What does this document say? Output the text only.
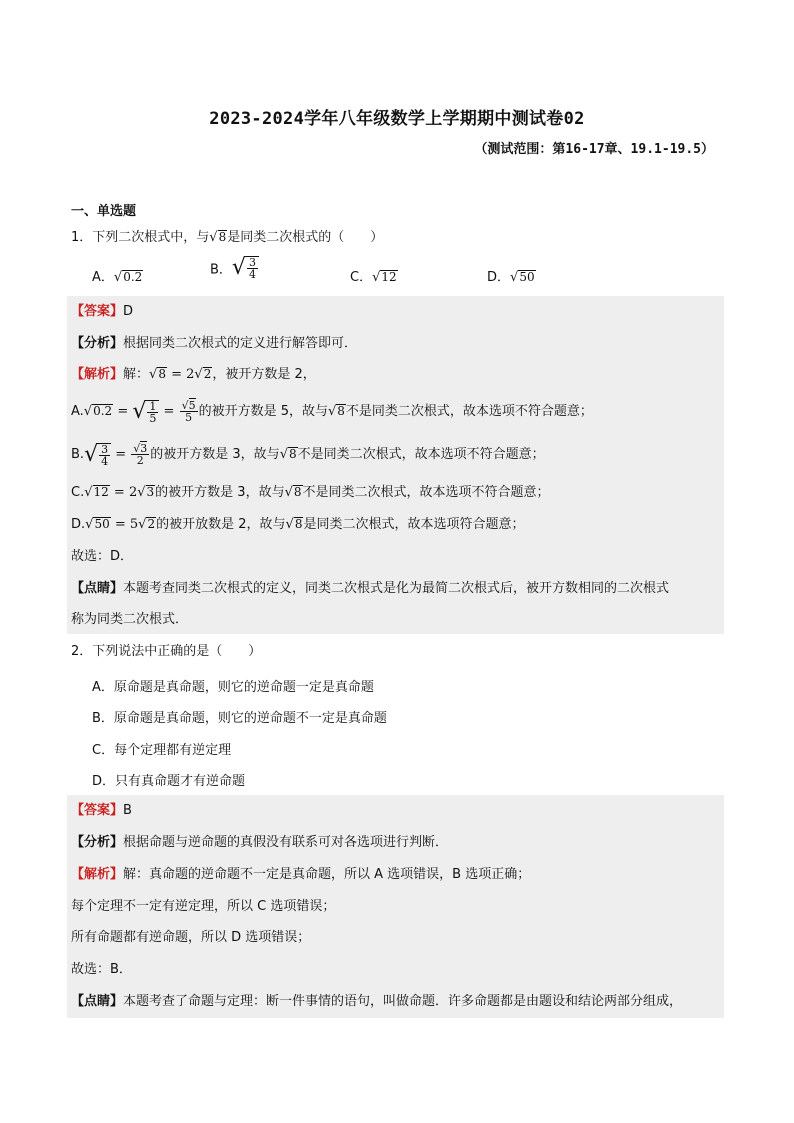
2023-2024学年八年级数学上学期期中测试卷02
（测试范围：第16-17章、19.1-19.5）
一、单选题
1．下列二次根式中，与√8是同类二次根式的（　　）
A．√0.2	B． √ $\frac{3}{4}$	C．√12	D．√50
【答案】D
【分析】根据同类二次根式的定义进行解答即可．
【解析】解：√8 = 2√2，被开方数是 2，
A.√0.2 = √ $\frac{1}{5} = \frac{√5}{5}$ 的被开方数是 5，故与√8不是同类二次根式，故本选项不符合题意；
B. √ $\frac{3}{4} = \frac{√3}{2}$ 的被开方数是 3，故与√8不是同类二次根式，故本选项不符合题意；
C.√12 = 2√3的被开方数是 3，故与√8不是同类二次根式，故本选项不符合题意；
D.√50 = 5√2的被开放数是 2，故与√8是同类二次根式，故本选项符合题意；
故选：D．
【点睛】本题考查同类二次根式的定义，同类二次根式是化为最简二次根式后，被开方数相同的二次根式
称为同类二次根式．
2．下列说法中正确的是（　　）
A．原命题是真命题，则它的逆命题一定是真命题
B．原命题是真命题，则它的逆命题不一定是真命题
C．每个定理都有逆定理
D．只有真命题才有逆命题
【答案】B
【分析】根据命题与逆命题的真假没有联系可对各选项进行判断．
【解析】解：真命题的逆命题不一定是真命题，所以 A 选项错误，B 选项正确；
每个定理不一定有逆定理，所以 C 选项错误；
所有命题都有逆命题，所以 D 选项错误；
故选：B．
【点睛】本题考查了命题与定理：断一件事情的语句，叫做命题．许多命题都是由题设和结论两部分组成，
